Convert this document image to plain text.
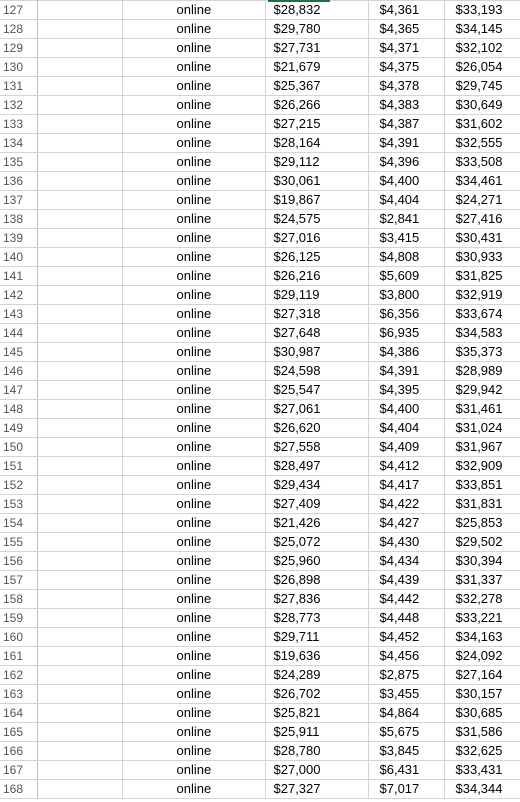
127		online	$28,832	$4,361	$33,193
128		online	$29,780	$4,365	$34,145
129		online	$27,731	$4,371	$32,102
130		online	$21,679	$4,375	$26,054
131		online	$25,367	$4,378	$29,745
132		online	$26,266	$4,383	$30,649
133		online	$27,215	$4,387	$31,602
134		online	$28,164	$4,391	$32,555
135		online	$29,112	$4,396	$33,508
136		online	$30,061	$4,400	$34,461
137		online	$19,867	$4,404	$24,271
138		online	$24,575	$2,841	$27,416
139		online	$27,016	$3,415	$30,431
140		online	$26,125	$4,808	$30,933
141		online	$26,216	$5,609	$31,825
142		online	$29,119	$3,800	$32,919
143		online	$27,318	$6,356	$33,674
144		online	$27,648	$6,935	$34,583
145		online	$30,987	$4,386	$35,373
146		online	$24,598	$4,391	$28,989
147		online	$25,547	$4,395	$29,942
148		online	$27,061	$4,400	$31,461
149		online	$26,620	$4,404	$31,024
150		online	$27,558	$4,409	$31,967
151		online	$28,497	$4,412	$32,909
152		online	$29,434	$4,417	$33,851
153		online	$27,409	$4,422	$31,831
154		online	$21,426	$4,427	$25,853
155		online	$25,072	$4,430	$29,502
156		online	$25,960	$4,434	$30,394
157		online	$26,898	$4,439	$31,337
158		online	$27,836	$4,442	$32,278
159		online	$28,773	$4,448	$33,221
160		online	$29,711	$4,452	$34,163
161		online	$19,636	$4,456	$24,092
162		online	$24,289	$2,875	$27,164
163		online	$26,702	$3,455	$30,157
164		online	$25,821	$4,864	$30,685
165		online	$25,911	$5,675	$31,586
166		online	$28,780	$3,845	$32,625
167		online	$27,000	$6,431	$33,431
168		online	$27,327	$7,017	$34,344
